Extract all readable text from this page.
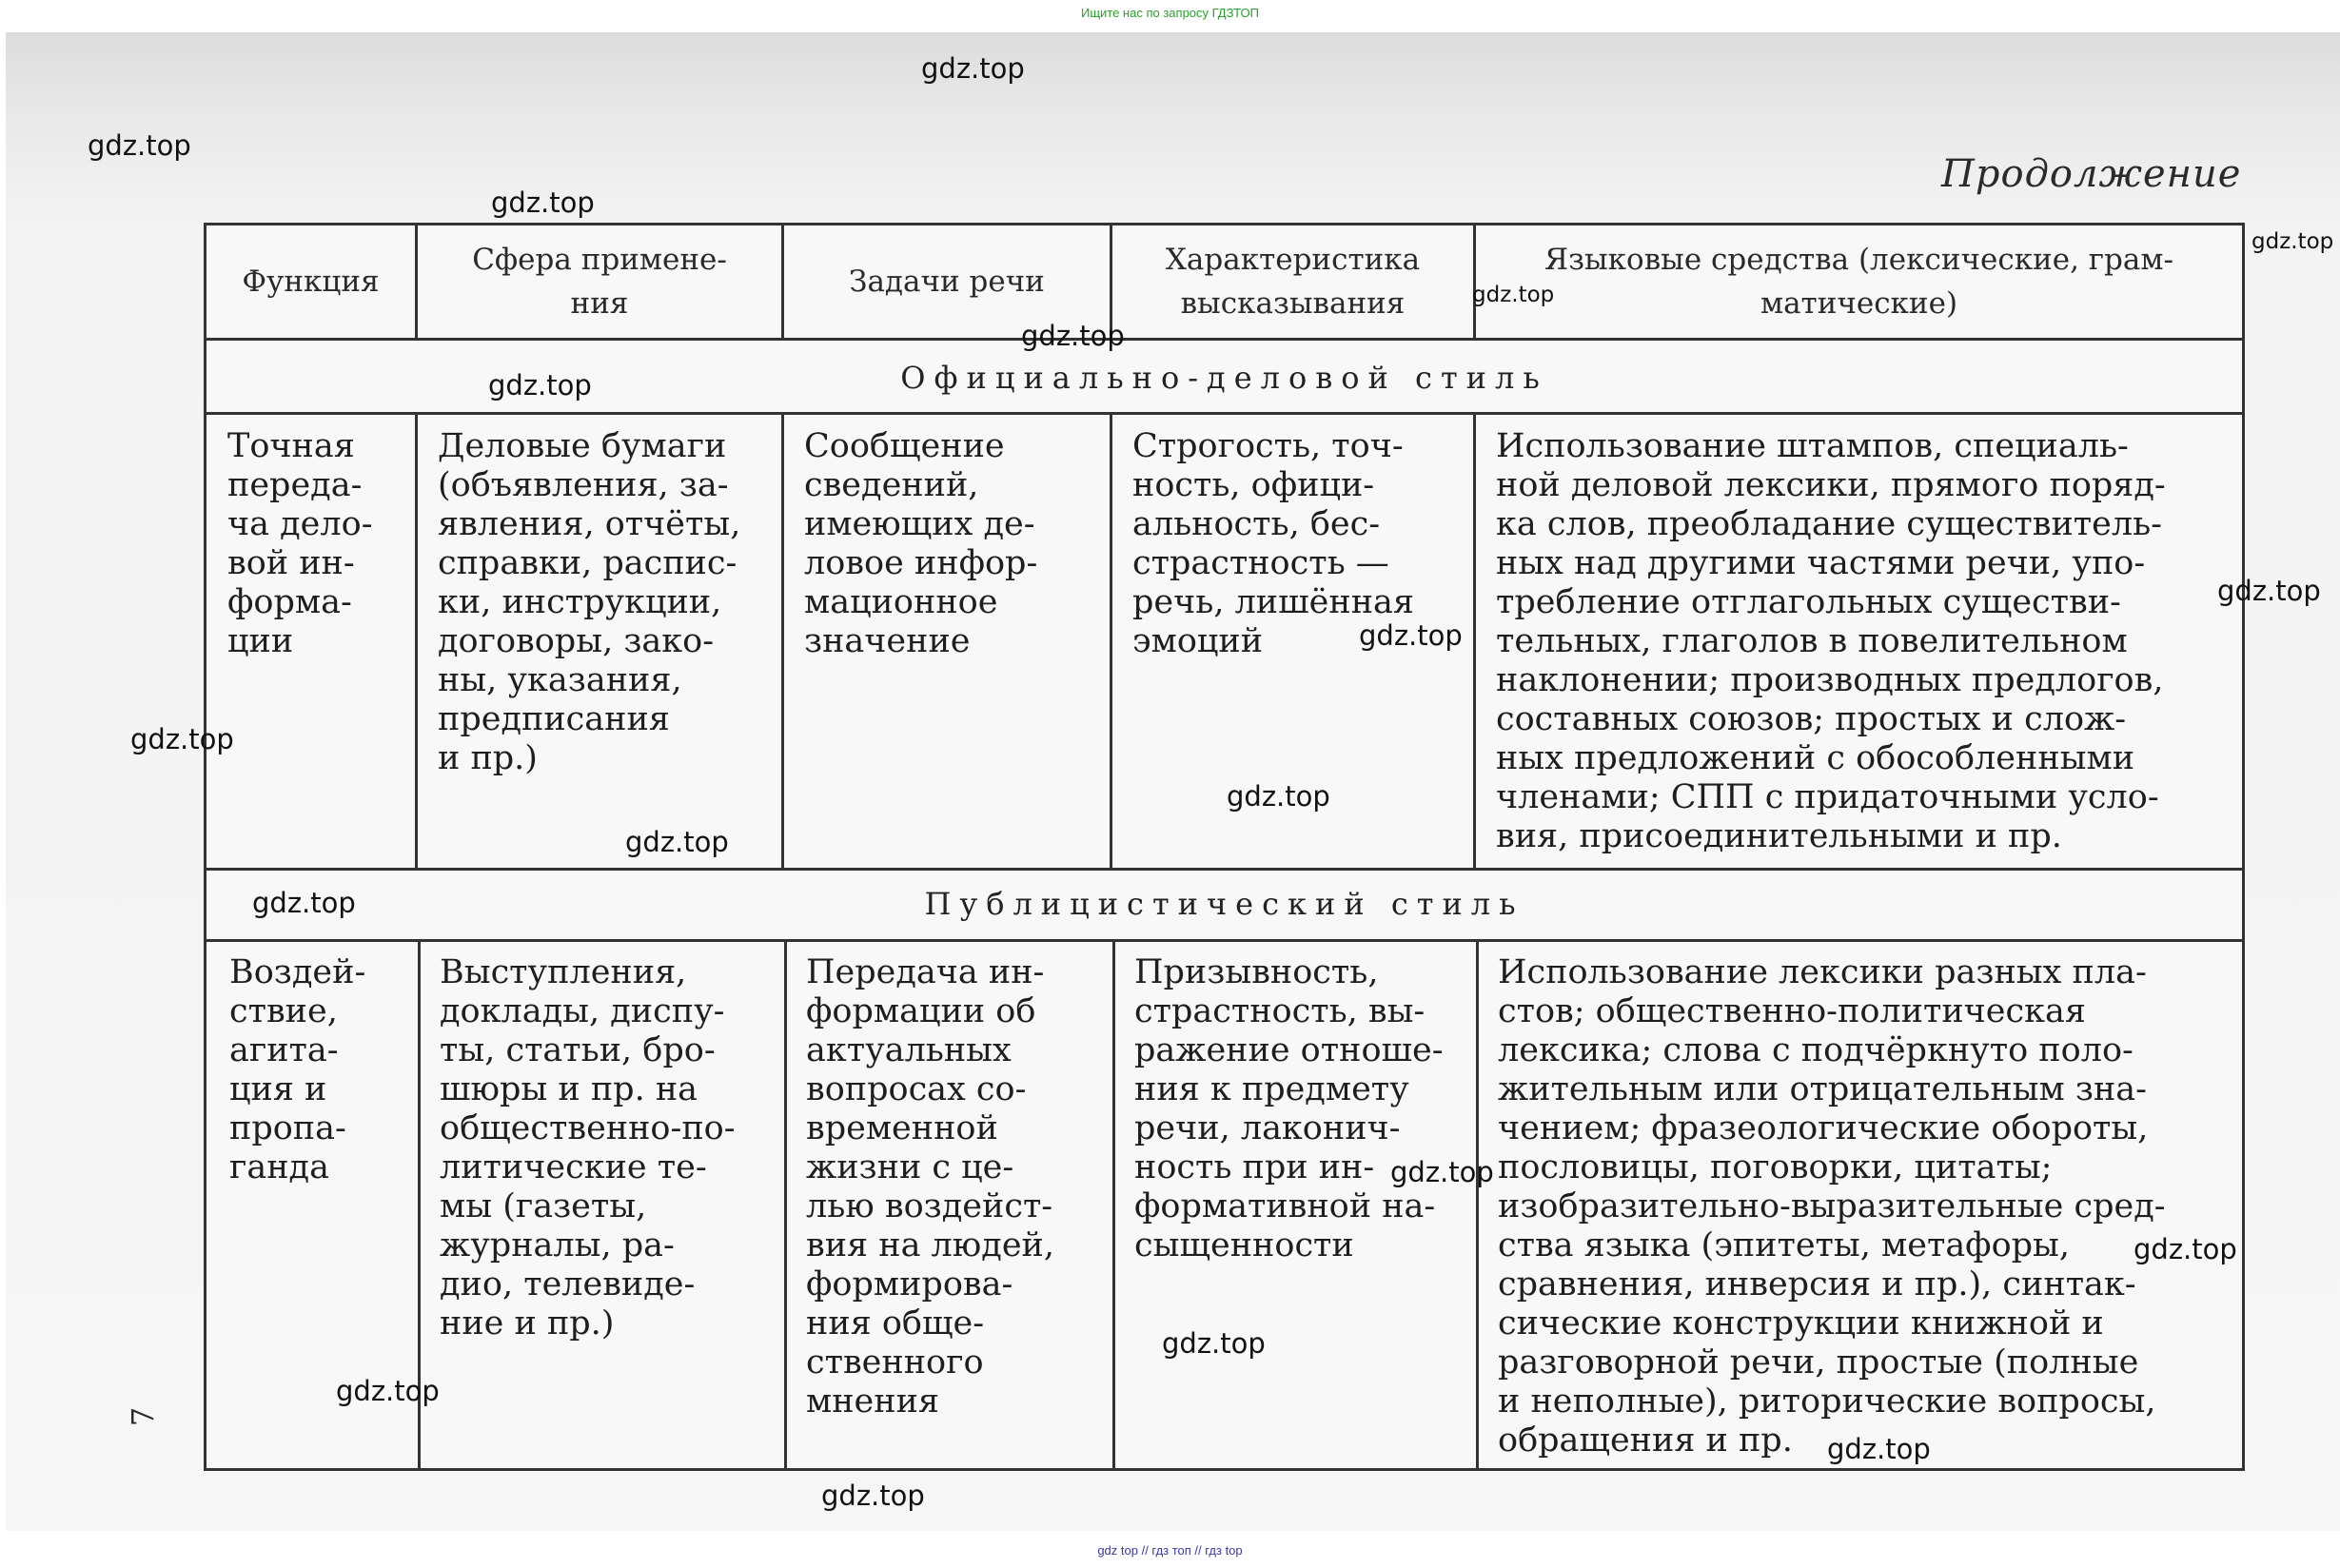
Ищите нас по запросу ГДЗТОП
Продолжение
7
Функция
Сфера примене-
ния
Задачи речи
Характеристика
высказывания
Языковые средства (лексические, грам-
матические)
Официально-деловой стиль
Точная
переда-
ча дело-
вой ин-
форма-
ции
Деловые бумаги
(объявления, за-
явления, отчёты,
справки, распис-
ки, инструкции,
договоры, зако-
ны, указания,
предписания
и пр.)
Сообщение
сведений,
имеющих де-
ловое инфор-
мационное
значение
Строгость, точ-
ность, офици-
альность, бес-
страстность —
речь, лишённая
эмоций
Использование штампов, специаль-
ной деловой лексики, прямого поряд-
ка слов, преобладание существитель-
ных над другими частями речи, упо-
требление отглагольных существи-
тельных, глаголов в повелительном
наклонении; производных предлогов,
составных союзов; простых и слож-
ных предложений с обособленными
членами; СПП с придаточными усло-
вия, присоединительными и пр.
Публицистический стиль
Воздей-
ствие,
агита-
ция и
пропа-
ганда
Выступления,
доклады, диспу-
ты, статьи, бро-
шюры и пр. на
общественно-по-
литические те-
мы (газеты,
журналы, ра-
дио, телевиде-
ние и пр.)
Передача ин-
формации об
актуальных
вопросах со-
временной
жизни с це-
лью воздейст-
вия на людей,
формирова-
ния обще-
ственного
мнения
Призывность,
страстность, вы-
ражение отноше-
ния к предмету
речи, лаконич-
ность при ин-
формативной на-
сыщенности
Использование лексики разных пла-
стов; общественно-политическая
лексика; слова с подчёркнуто поло-
жительным или отрицательным зна-
чением; фразеологические обороты,
пословицы, поговорки, цитаты;
изобразительно-выразительные сред-
ства языка (эпитеты, метафоры,
сравнения, инверсия и пр.), синтак-
сические конструкции книжной и
разговорной речи, простые (полные
и неполные), риторические вопросы,
обращения и пр.
gdz.top
gdz.top
gdz.top
gdz.top
gdz.top
gdz.top
gdz.top
gdz.top
gdz.top
gdz.top
gdz.top
gdz.top
gdz.top
gdz.top
gdz.top
gdz.top
gdz.top
gdz.top
gdz.top
gdz top // гдз топ // гдз top
